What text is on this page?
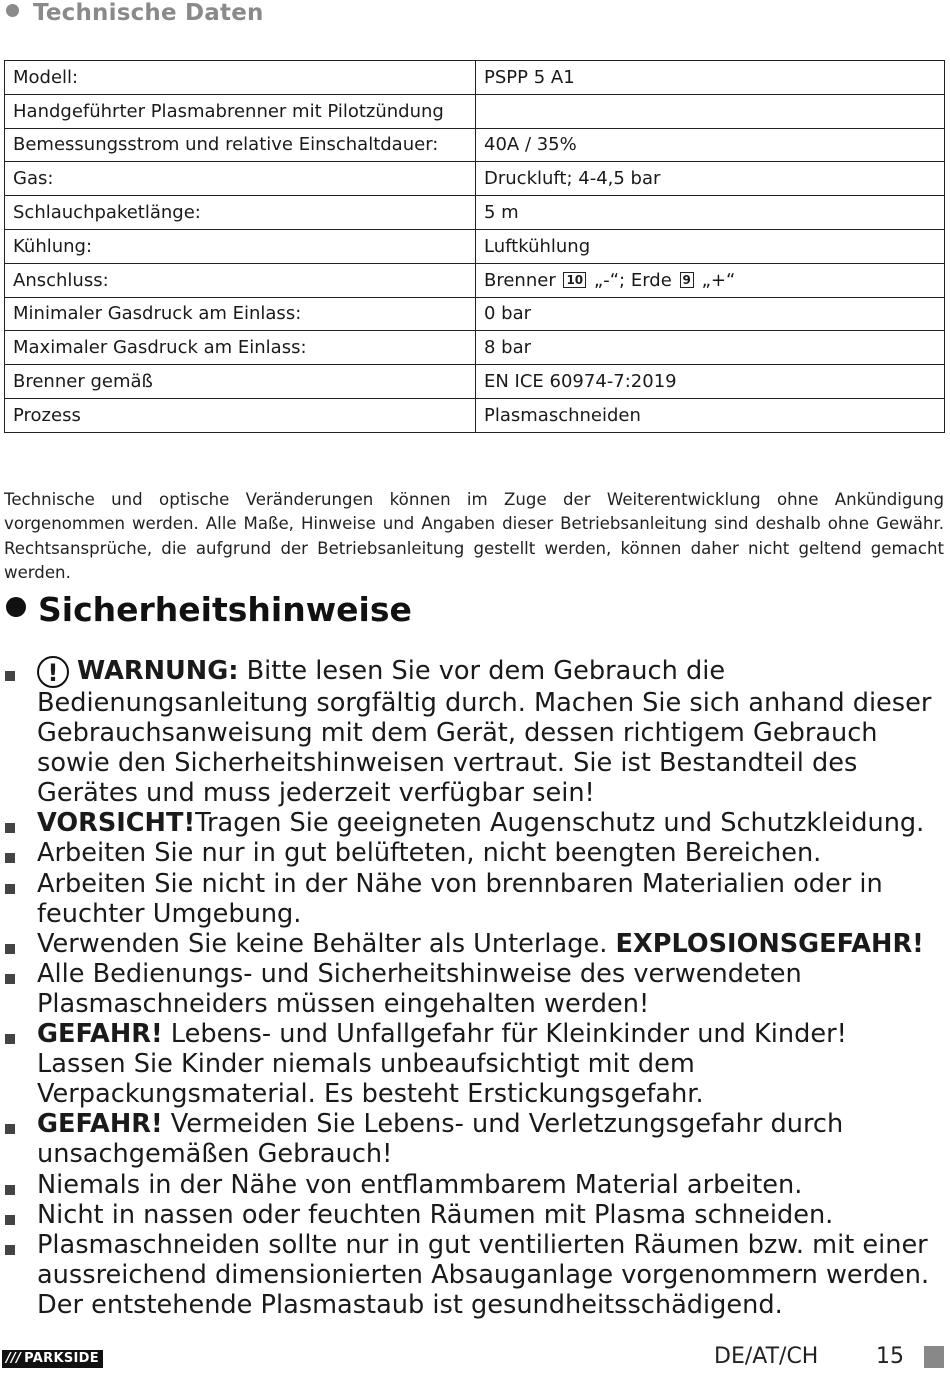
Technische Daten
Modell:	PSPP 5 A1
Handgeführter Plasmabrenner mit Pilotzündung	
Bemessungsstrom und relative Einschaltdauer:	40A / 35%
Gas:	Druckluft; 4-4,5 bar
Schlauchpaketlänge:	5 m
Kühlung:	Luftkühlung
Anschluss:	Brenner 10 „-“; Erde 9 „+“
Minimaler Gasdruck am Einlass:	0 bar
Maximaler Gasdruck am Einlass:	8 bar
Brenner gemäß	EN ICE 60974-7:2019
Prozess	Plasmaschneiden
Technische und optische Veränderungen können im Zuge der Weiterentwicklung ohne Ankündigung vorgenommen werden. Alle Maße, Hinweise und Angaben dieser Betriebsanleitung sind deshalb ohne Gewähr. Rechtsansprüche, die aufgrund der Betriebsanleitung gestellt werden, können daher nicht geltend gemacht werden.
Sicherheitshinweise
! WARNUNG: Bitte lesen Sie vor dem Gebrauch die Bedienungsanleitung sorgfältig durch. Machen Sie sich anhand dieser Gebrauchsanweisung mit dem Gerät, dessen richtigem Gebrauch sowie den Sicherheitshinweisen vertraut. Sie ist Bestandteil des Gerätes und muss jederzeit verfügbar sein!
VORSICHT!Tragen Sie geeigneten Augenschutz und Schutzkleidung.
Arbeiten Sie nur in gut belüfteten, nicht beengten Bereichen.
Arbeiten Sie nicht in der Nähe von brennbaren Materialien oder in feuchter Umgebung.
Verwenden Sie keine Behälter als Unterlage. EXPLOSIONSGEFAHR!
Alle Bedienungs- und Sicherheitshinweise des verwendeten Plasmaschneiders müssen eingehalten werden!
GEFAHR! Lebens- und Unfallgefahr für Kleinkinder und Kinder! Lassen Sie Kinder niemals unbeaufsichtigt mit dem Verpackungsmaterial. Es besteht Erstickungsgefahr.
GEFAHR! Vermeiden Sie Lebens- und Verletzungsgefahr durch unsachgemäßen Gebrauch!
Niemals in der Nähe von entflammbarem Material arbeiten.
Nicht in nassen oder feuchten Räumen mit Plasma schneiden.
Plasmaschneiden sollte nur in gut ventilierten Räumen bzw. mit einer aussreichend dimensionierten Absauganlage vorgenommern werden. Der entstehende Plasmastaub ist gesundheitsschädigend.
/// PARKSIDE	DE/AT/CH	15
